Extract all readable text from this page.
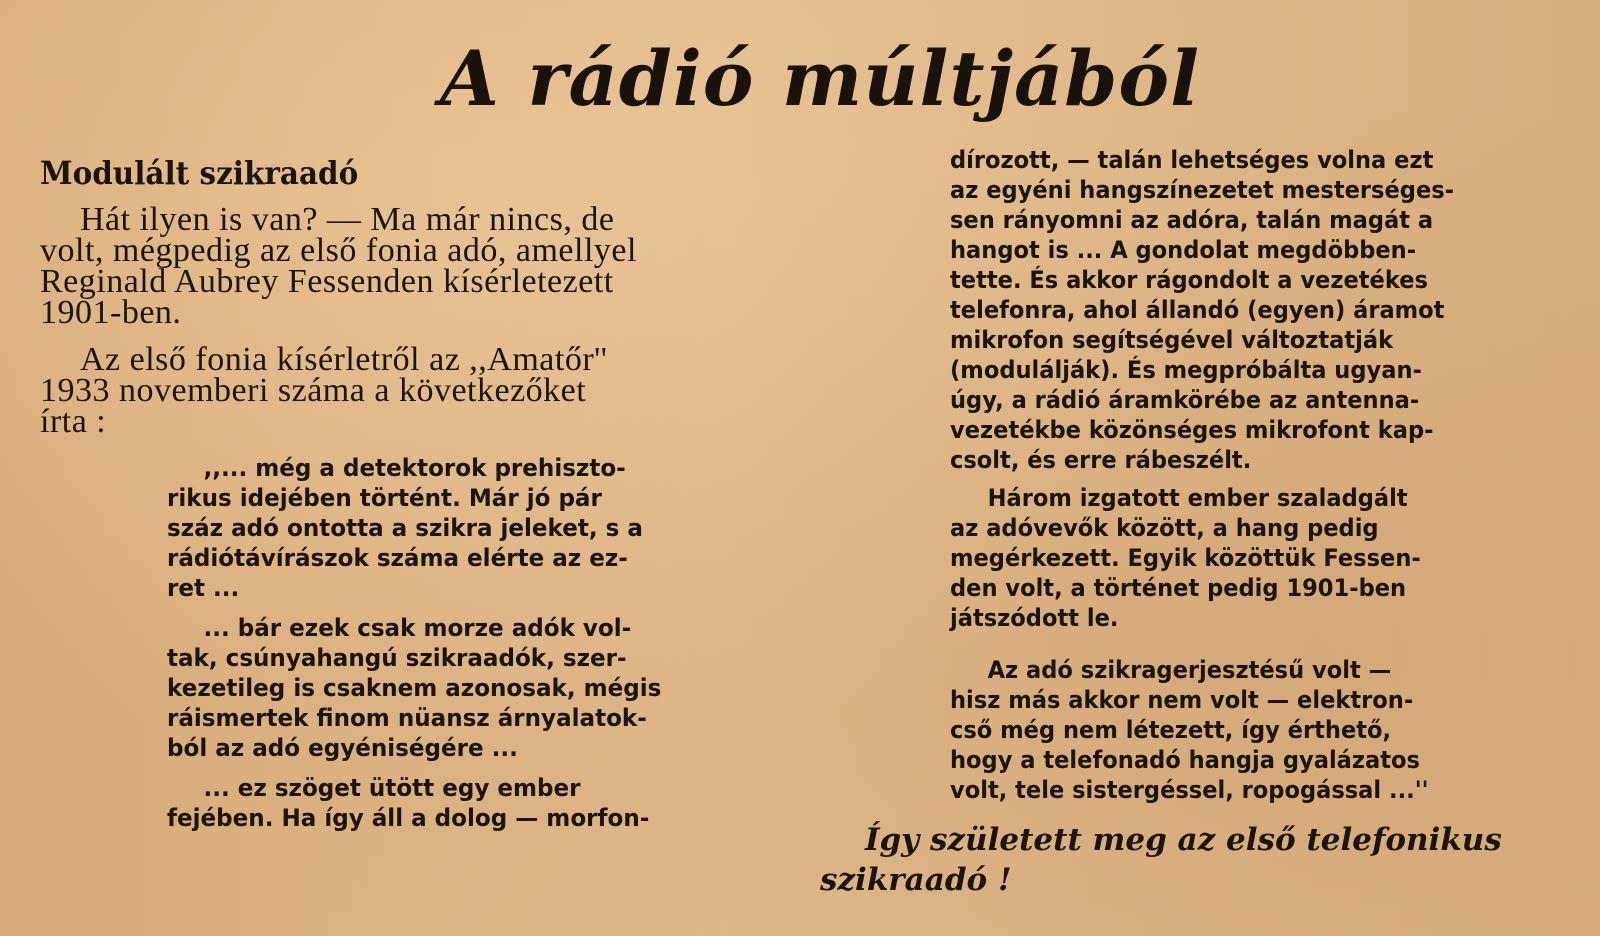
A rádió múltjából
Modulált szikraadó
Hát ilyen is van? — Ma már nincs, de
volt, mégpedig az első fonia adó, amellyel
Reginald Aubrey Fessenden kísérletezett
1901-ben.
Az első fonia kísérletről az ,,Amatőr''
1933 novemberi száma a következőket
írta :
,,... még a detektorok prehiszto-
rikus idejében történt. Már jó pár
száz adó ontotta a szikra jeleket, s a
rádiótávírászok száma elérte az ez-
ret ...
... bár ezek csak morze adók vol-
tak, csúnyahangú szikraadók, szer-
kezetileg is csaknem azonosak, mégis
ráismertek finom nüansz árnyalatok-
ból az adó egyéniségére ...
... ez szöget ütött egy ember
fejében. Ha így áll a dolog — morfon-
dírozott, — talán lehetséges volna ezt
az egyéni hangszínezetet mesterséges-
sen rányomni az adóra, talán magát a
hangot is ... A gondolat megdöbben-
tette. És akkor rágondolt a vezetékes
telefonra, ahol állandó (egyen) áramot
mikrofon segítségével változtatják
(modulálják). És megpróbálta ugyan-
úgy, a rádió áramkörébe az antenna-
vezetékbe közönséges mikrofont kap-
csolt, és erre rábeszélt.
Három izgatott ember szaladgált
az adóvevők között, a hang pedig
megérkezett. Egyik közöttük Fessen-
den volt, a történet pedig 1901-ben
játszódott le.
Az adó szikragerjesztésű volt —
hisz más akkor nem volt — elektron-
cső még nem létezett, így érthető,
hogy a telefonadó hangja gyalázatos
volt, tele sistergéssel, ropogással ...''
Így született meg az első telefonikus
szikraadó !
